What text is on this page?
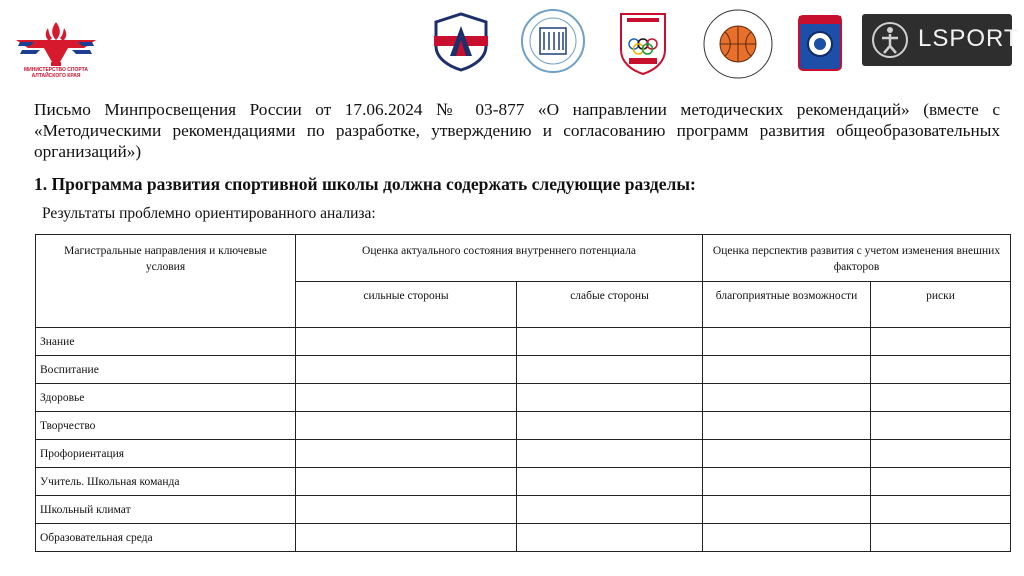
МИНИСТЕРСТВО СПОРТА АЛТАЙСКОГО КРАЯ
LSPORT

Письмо Минпросвещения России от 17.06.2024 № 03-877 «О направлении методических рекомендаций» (вместе с «Методическими рекомендациями по разработке, утверждению и согласованию программ развития общеобразовательных организаций»)

1. Программа развития спортивной школы должна содержать следующие разделы:

Результаты проблемно ориентированного анализа:

Магистральные направления и ключевые условия	Оценка актуального состояния внутреннего потенциала		Оценка перспектив развития с учетом изменения внешних факторов	
	сильные стороны	слабые стороны	благоприятные возможности	риски
Знание				
Воспитание				
Здоровье				
Творчество				
Профориентация				
Учитель. Школьная команда				
Школьный климат				
Образовательная среда				
